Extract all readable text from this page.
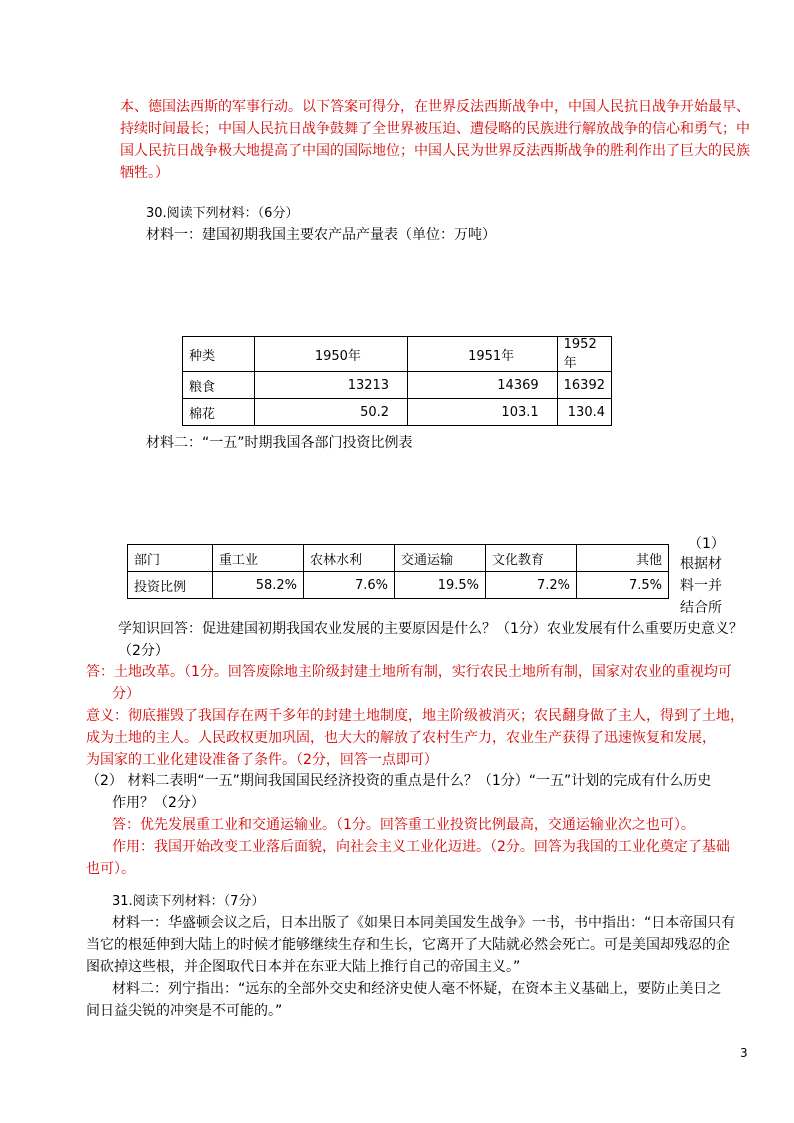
本、德国法西斯的军事行动。以下答案可得分，在世界反法西斯战争中，中国人民抗日战争开始最早、
持续时间最长；中国人民抗日战争鼓舞了全世界被压迫、遭侵略的民族进行解放战争的信心和勇气；中
国人民抗日战争极大地提高了中国的国际地位；中国人民为世界反法西斯战争的胜利作出了巨大的民族
牺牲。）
30.阅读下列材料：（6分）
材料一：建国初期我国主要农产品产量表（单位：万吨）
种类	1950年	1951年	1952年
粮食	13213	14369	16392
棉花	50.2	103.1	130.4
材料二：“一五”时期我国各部门投资比例表
部门	重工业	农林水利	交通运输	文化教育	其他
投资比例	58.2%	7.6%	19.5%	7.2%	7.5%
（1）
根据材
料一并
结合所
学知识回答：促进建国初期我国农业发展的主要原因是什么？（1分）农业发展有什么重要历史意义？
（2分）
答：土地改革。（1分。回答废除地主阶级封建土地所有制，实行农民土地所有制，国家对农业的重视均可
分）
意义：彻底摧毁了我国存在两千多年的封建土地制度，地主阶级被消灭；农民翻身做了主人，得到了土地，
成为土地的主人。人民政权更加巩固，也大大的解放了农村生产力，农业生产获得了迅速恢复和发展，
为国家的工业化建设准备了条件。（2分，回答一点即可）
（2） 材料二表明“一五”期间我国国民经济投资的重点是什么？（1分）“一五”计划的完成有什么历史
作用？（2分）
答：优先发展重工业和交通运输业。（1分。回答重工业投资比例最高，交通运输业次之也可）。
作用：我国开始改变工业落后面貌，向社会主义工业化迈进。（2分。回答为我国的工业化奠定了基础
也可）。
31.阅读下列材料：（7分）
材料一：华盛顿会议之后，日本出版了《如果日本同美国发生战争》一书，书中指出：“日本帝国只有
当它的根延伸到大陆上的时候才能够继续生存和生长，它离开了大陆就必然会死亡。可是美国却残忍的企
图砍掉这些根，并企图取代日本并在东亚大陆上推行自己的帝国主义。”
材料二：列宁指出：“远东的全部外交史和经济史使人毫不怀疑，在资本主义基础上，要防止美日之
间日益尖锐的冲突是不可能的。”
3
